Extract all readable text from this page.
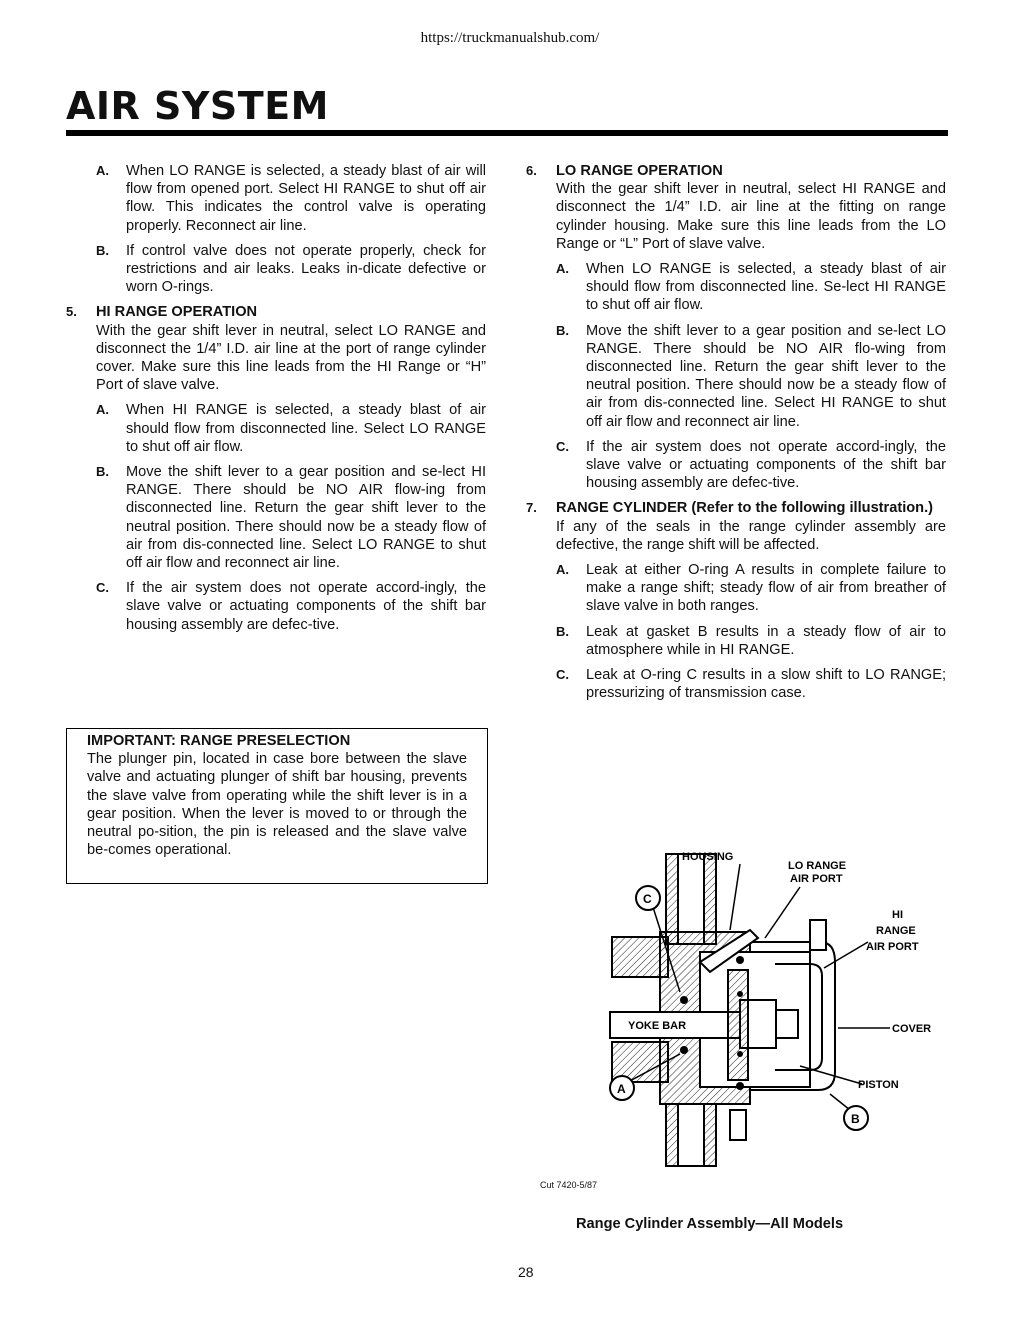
https://truckmanualshub.com/
AIR SYSTEM
A. When LO RANGE is selected, a steady blast of air will flow from opened port. Select HI RANGE to shut off air flow. This indicates the control valve is operating properly. Reconnect air line.
B. If control valve does not operate properly, check for restrictions and air leaks. Leaks in-dicate defective or worn O-rings.
5. HI RANGE OPERATION
With the gear shift lever in neutral, select LO RANGE and disconnect the 1/4” I.D. air line at the port of range cylinder cover. Make sure this line leads from the HI Range or “H” Port of slave valve.
A. When HI RANGE is selected, a steady blast of air should flow from disconnected line. Select LO RANGE to shut off air flow.
B. Move the shift lever to a gear position and se-lect HI RANGE. There should be NO AIR flow-ing from disconnected line. Return the gear shift lever to the neutral position. There should now be a steady flow of air from dis-connected line. Select LO RANGE to shut off air flow and reconnect air line.
C. If the air system does not operate accord-ingly, the slave valve or actuating components of the shift bar housing assembly are defec-tive.
IMPORTANT: RANGE PRESELECTION
The plunger pin, located in case bore between the slave valve and actuating plunger of shift bar housing, prevents the slave valve from operating while the shift lever is in a gear position. When the lever is moved to or through the neutral po-sition, the pin is released and the slave valve be-comes operational.
6. LO RANGE OPERATION
With the gear shift lever in neutral, select HI RANGE and disconnect the 1/4” I.D. air line at the fitting on range cylinder housing. Make sure this line leads from the LO Range or “L” Port of slave valve.
A. When LO RANGE is selected, a steady blast of air should flow from disconnected line. Se-lect HI RANGE to shut off air flow.
B. Move the shift lever to a gear position and se-lect LO RANGE. There should be NO AIR flo-wing from disconnected line. Return the gear shift lever to the neutral position. There should now be a steady flow of air from dis-connected line. Select HI RANGE to shut off air flow and reconnect air line.
C. If the air system does not operate accord-ingly, the slave valve or actuating components of the shift bar housing assembly are defec-tive.
7. RANGE CYLINDER (Refer to the following illustration.)
If any of the seals in the range cylinder assembly are defective, the range shift will be affected.
A. Leak at either O-ring A results in complete failure to make a range shift; steady flow of air from breather of slave valve in both ranges.
B. Leak at gasket B results in a steady flow of air to atmosphere while in HI RANGE.
C. Leak at O-ring C results in a slow shift to LO RANGE; pressurizing of transmission case.
C
A
B
HOUSING
LO RANGE
AIR PORT
HI
RANGE
AIR PORT
YOKE BAR	COVER
PISTON
Cut 7420-5/87
Range Cylinder Assembly—All Models
28
